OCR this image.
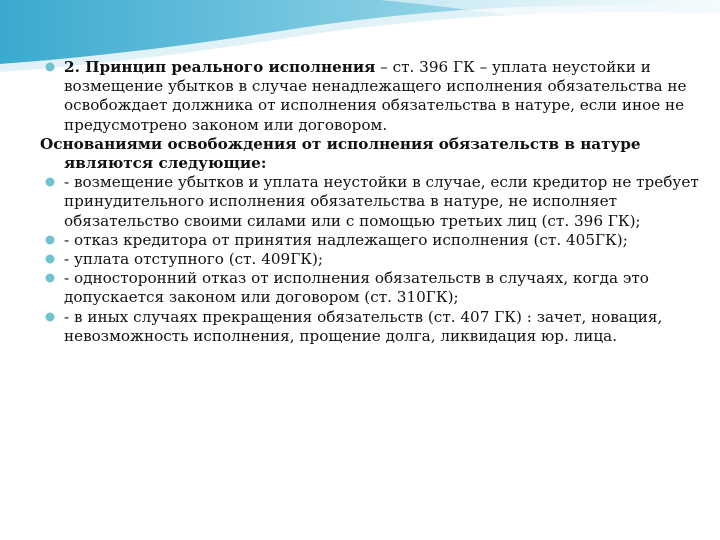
2. Принцип реального исполнения – ст. 396 ГК – уплата неустойки и возмещение убытков в случае ненадлежащего исполнения обязательства не освобождает должника от исполнения обязательства в натуре, если иное не предусмотрено законом или договором.
Основаниями освобождения от исполнения обязательств в натуре являются следующие:
- возмещение убытков и уплата неустойки в случае, если кредитор не требует принудительного исполнения обязательства в натуре, не исполняет обязательство своими силами или с помощью третьих лиц (ст. 396 ГК);
- отказ кредитора от принятия надлежащего исполнения (ст. 405ГК);
- уплата отступного (ст. 409ГК);
- односторонний отказ от исполнения обязательств в случаях, когда это допускается законом или договором (ст. 310ГК);
- в иных случаях прекращения обязательств (ст. 407 ГК) : зачет, новация, невозможность исполнения, прощение долга, ликвидация юр. лица.
